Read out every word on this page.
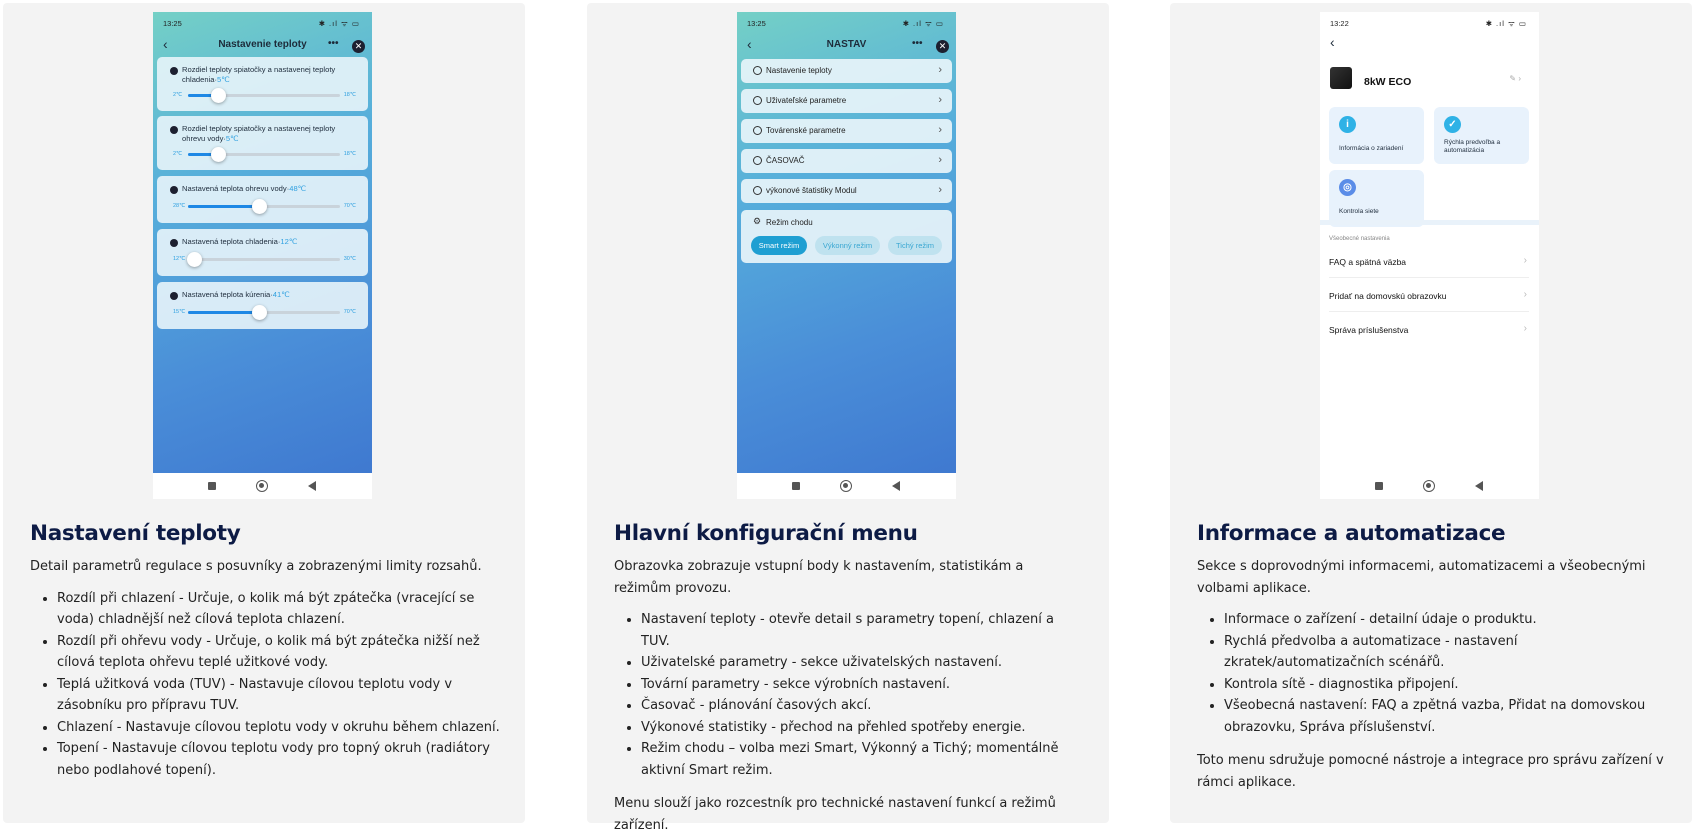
13:25	✱ .ıl ᯤ ▭
‹	Nastavenie teploty	•••	✕
Rozdiel teploty spiatočky a nastavenej teploty chladenia·5℃
2℃	18℃
Rozdiel teploty spiatočky a nastavenej teploty ohrevu vody·5℃
2℃	18℃
Nastavená teplota ohrevu vody·48℃
28℃	70℃
Nastavená teplota chladenia·12℃
12℃	30℃
Nastavená teplota kúrenia·41℃
15℃	70℃
Nastavení teploty

Detail parametrů regulace s posuvníky a zobrazenými limity rozsahů.

• Rozdíl při chlazení - Určuje, o kolik má být zpátečka (vracející se voda) chladnější než cílová teplota chlazení.
• Rozdíl při ohřevu vody - Určuje, o kolik má být zpátečka nižší než cílová teplota ohřevu teplé užitkové vody.
• Teplá užitková voda (TUV) - Nastavuje cílovou teplotu vody v zásobníku pro přípravu TUV.
• Chlazení - Nastavuje cílovou teplotu vody v okruhu během chlazení.
• Topení - Nastavuje cílovou teplotu vody pro topný okruh (radiátory nebo podlahové topení).
13:25	✱ .ıl ᯤ ▭
‹	NASTAV	•••	✕
Nastavenie teploty	›
Uživateľské parametre	›
Továrenské parametre	›
ČASOVAČ	›
výkonové štatistiky Modul	›
⚙ Režim chodu
Smart režim	Výkonný režim	Tichý režim
Hlavní konfigurační menu

Obrazovka zobrazuje vstupní body k nastavením, statistikám a režimům provozu.

• Nastavení teploty - otevře detail s parametry topení, chlazení a TUV.
• Uživatelské parametry - sekce uživatelských nastavení.
• Tovární parametry - sekce výrobních nastavení.
• Časovač - plánování časových akcí.
• Výkonové statistiky - přechod na přehled spotřeby energie.
• Režim chodu – volba mezi Smart, Výkonný a Tichý; momentálně aktivní Smart režim.

Menu slouží jako rozcestník pro technické nastavení funkcí a režimů zařízení.

13:22	✱ .ıl ᯤ ▭
‹
8kW ECO	✎ ›
i
Informácia o zariadení
✓
Rýchla predvoľba a automatizácia
◎
Kontrola siete
Všeobecné nastavenia
FAQ a spätná väzba	›
Pridať na domovskú obrazovku	›
Správa príslušenstva	›
Informace a automatizace

Sekce s doprovodnými informacemi, automatizacemi a všeobecnými volbami aplikace.

• Informace o zařízení - detailní údaje o produktu.
• Rychlá předvolba a automatizace - nastavení zkratek/automatizačních scénářů.
• Kontrola sítě - diagnostika připojení.
• Všeobecná nastavení: FAQ a zpětná vazba, Přidat na domovskou obrazovku, Správa příslušenství.

Toto menu sdružuje pomocné nástroje a integrace pro správu zařízení v rámci aplikace.
